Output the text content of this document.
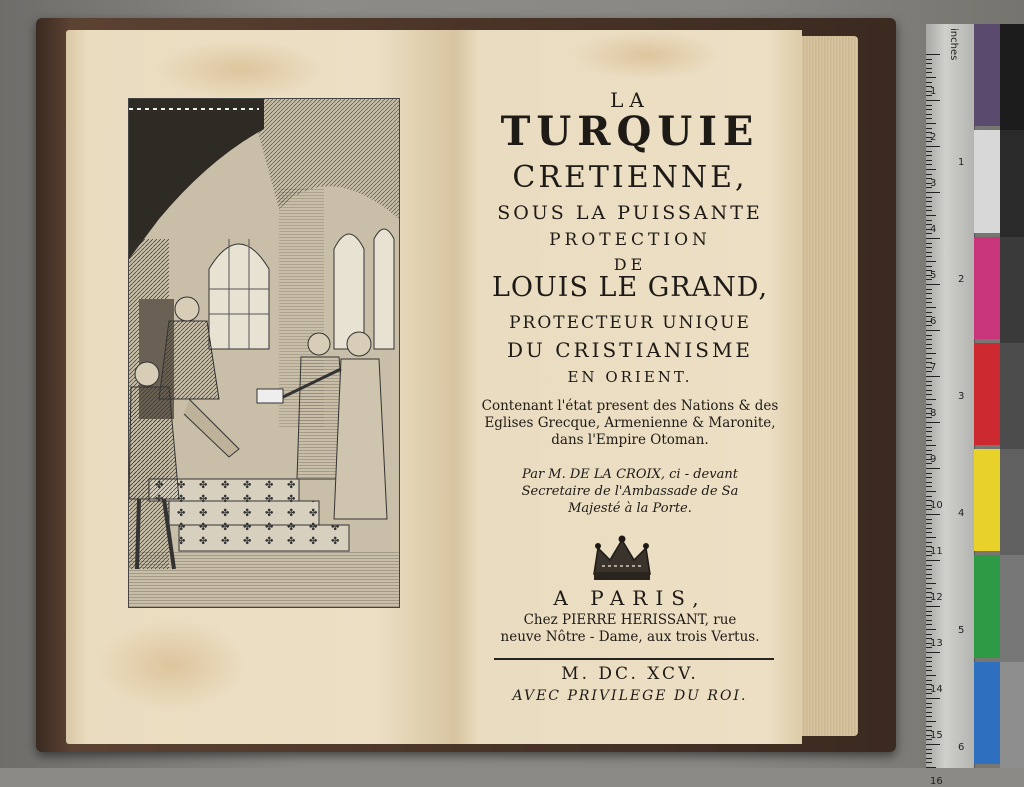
LA
TURQUIE
CRETIENNE,
SOUS LA PUISSANTE
PROTECTION
DE
LOUIS LE GRAND,
PROTECTEUR UNIQUE
DU CRISTIANISME
EN ORIENT.
Contenant l'état present des Nations & des
Eglises Grecque, Armenienne & Maronite,
dans l'Empire Otoman.
Par M. DE LA CROIX, ci - devant
Secretaire de l'Ambassade de Sa
Majesté à la Porte.
A PARIS,
Chez PIERRE HERISSANT, rue
neuve Nôtre - Dame, aux trois Vertus.
M. DC. XCV.
AVEC PRIVILEGE DU ROI.
inches
1
2
3
4
5
6
7
8
9
10
11
12
13
14
15
16
1
2
3
4
5
6
